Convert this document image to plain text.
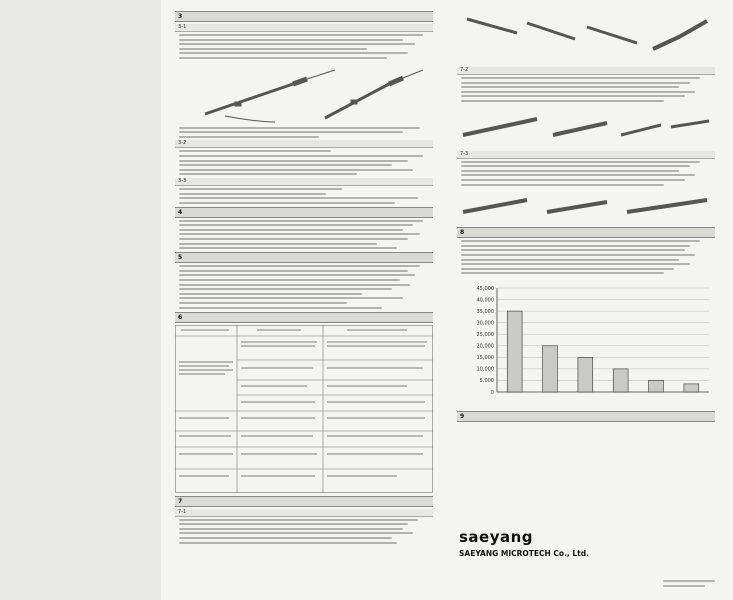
3
3-1
3-2
3-3
4
5
6
7
7-1
7-2
7-3
8
0
5,000
10,000
15,000
20,000
25,000
30,000
35,000
40,000
45,000
9
saeyang
SAEYANG MICROTECH Co., Ltd.
